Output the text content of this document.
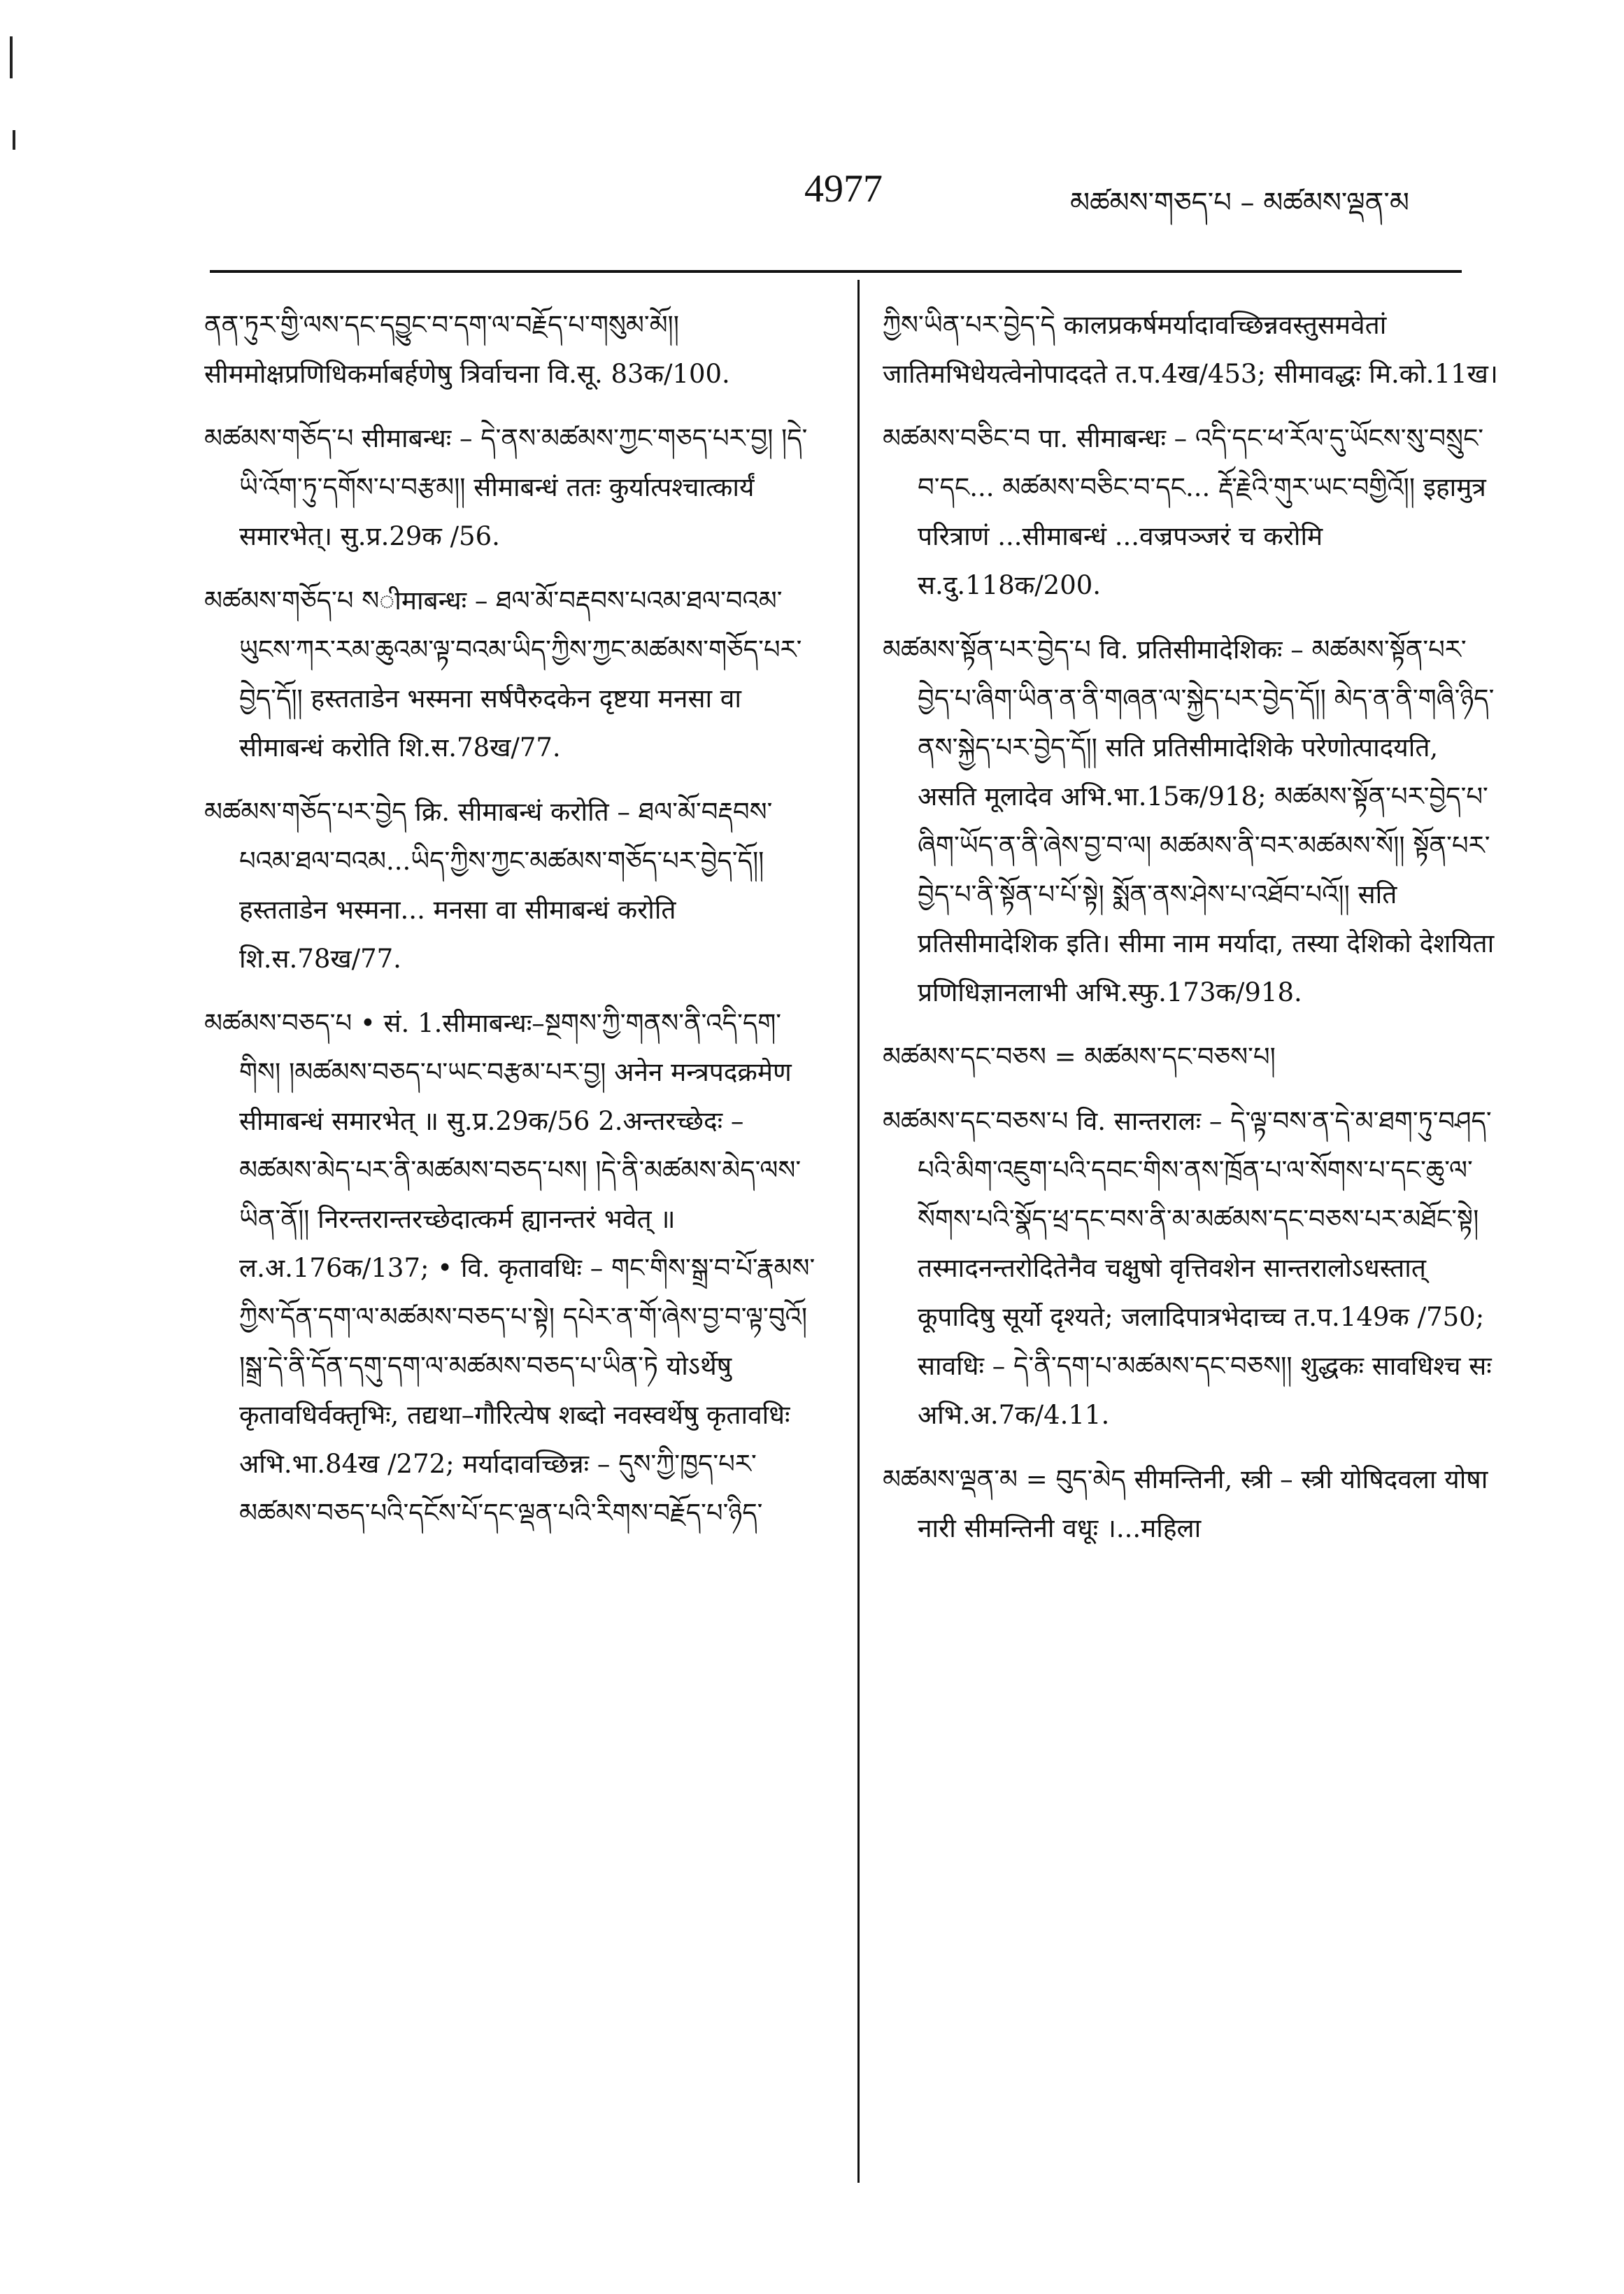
4977	མཚམས་གཅད་པ – མཚམས་ལྡན་མ

ནན་ཏུར་གྱི་ལས་དང་དབྱུང་བ་དག་ལ་བརྗོད་པ་གསུམ་མོ།། सीममोक्षप्रणिधिकर्माबर्हणेषु त्रिर्वाचना वि.सू. 83क/100.

མཚམས་གཅོད་པ सीमाबन्धः – དེ་ནས་མཚམས་ཀྱང་གཅད་པར་བྱ། །དེ་ཡི་འོག་ཏུ་དགོས་པ་བརྩམ།། सीमाबन्धं ततः कुर्यात्पश्चात्कार्यं समारभेत्। सु.प्र.29क /56.

མཚམས་གཅོད་པ སीमाबन्धः – ཐལ་མོ་བརྡབས་པའམ་ཐལ་བའམ་ཡུངས་ཀར་རམ་ཆུའམ་ལྟ་བའམ་ཡིད་ཀྱིས་ཀྱང་མཚམས་གཅོད་པར་བྱེད་དོ།། हस्तताडेन भस्मना सर्षपैरुदकेन दृष्टया मनसा वा सीमाबन्धं करोति शि.स.78ख/77.

མཚམས་གཅོད་པར་བྱེད क्रि. सीमाबन्धं करोति – ཐལ་མོ་བརྡབས་པའམ་ཐལ་བའམ...ཡིད་ཀྱིས་ཀྱང་མཚམས་གཅོད་པར་བྱེད་དོ།། हस्तताडेन भस्मना... मनसा वा सीमाबन्धं करोति शि.स.78ख/77.

མཚམས་བཅད་པ • सं. 1.सीमाबन्धः–སྔགས་ཀྱི་གནས་ནི་འདི་དག་གིས། །མཚམས་བཅད་པ་ཡང་བརྩམ་པར་བྱ། अनेन मन्त्रपदक्रमेण सीमाबन्धं समारभेत् ॥ सु.प्र.29क/56 2.अन्तरच्छेदः – མཚམས་མེད་པར་ནི་མཚམས་བཅད་པས། །དེ་ནི་མཚམས་མེད་ལས་ཡིན་ནོ།། निरन्तरान्तरच्छेदात्कर्म ह्यानन्तरं भवेत् ॥ ल.अ.176क/137; • वि. कृतावधिः – གང་གིས་སྒྲ་བ་པོ་རྣམས་ཀྱིས་དོན་དག་ལ་མཚམས་བཅད་པ་སྟེ། དཔེར་ན་གོ་ཞེས་བྱ་བ་ལྟ་བུའོ། །སྒྲ་དེ་ནི་དོན་དགུ་དག་ལ་མཚམས་བཅད་པ་ཡིན་ཏེ योऽर्थेषु कृतावधिर्वक्तृभिः, तद्यथा–गौरित्येष शब्दो नवस्वर्थेषु कृतावधिः अभि.भा.84ख /272; मर्यादावच्छिन्नः – དུས་ཀྱི་ཁྱད་པར་མཚམས་བཅད་པའི་དངོས་པོ་དང་ལྡན་པའི་རིགས་བརྗོད་པ་ཉིད་

ཀྱིས་ཡིན་པར་བྱེད་དེ कालप्रकर्षमर्यादावच्छिन्नवस्तुसमवेतां जातिमभिधेयत्वेनोपाददते त.प.4ख/453; सीमावद्धः मि.को.11ख।

མཚམས་བཅིང་བ पा. सीमाबन्धः – འདི་དང་ཕ་རོལ་དུ་ཡོངས་སུ་བསྲུང་བ་དང... མཚམས་བཅིང་བ་དང... རྡོ་རྗེའི་གུར་ཡང་བགྱིའོ།། इहामुत्र परित्राणं ...सीमाबन्धं ...वज्रपञ्जरं च करोमि स.दु.118क/200.

མཚམས་སྟོན་པར་བྱེད་པ वि. प्रतिसीमादेशिकः – མཚམས་སྟོན་པར་བྱེད་པ་ཞིག་ཡིན་ན་ནི་གཞན་ལ་སྐྱེད་པར་བྱེད་དོ།། མེད་ན་ནི་གཞི་ཉིད་ནས་སྐྱེད་པར་བྱེད་དོ།། सति प्रतिसीमादेशिके परेणोत्पादयति, असति मूलादेव अभि.भा.15क/918; མཚམས་སྟོན་པར་བྱེད་པ་ཞིག་ཡོད་ན་ནི་ཞེས་བྱ་བ་ལ། མཚམས་ནི་བར་མཚམས་སོ།། སྟོན་པར་བྱེད་པ་ནི་སྟོན་པ་པོ་སྟེ། སྨོན་ནས་ཤེས་པ་འཐོབ་པའོ།། सति प्रतिसीमादेशिक इति। सीमा नाम मर्यादा, तस्या देशिको देशयिता प्रणिधिज्ञानलाभी अभि.स्फु.173क/918.

མཚམས་དང་བཅས = མཚམས་དང་བཅས་པ།

མཚམས་དང་བཅས་པ वि. सान्तरालः – དེ་ལྟ་བས་ན་དེ་མ་ཐག་ཏུ་བཤད་པའི་མིག་འཇུག་པའི་དབང་གིས་ནས་ཁྲོན་པ་ལ་སོགས་པ་དང་ཆུ་ལ་སོགས་པའི་སྣོད་ཕྲ་དང་བས་ནི་མ་མཚམས་དང་བཅས་པར་མཐོང་སྟེ། तस्मादनन्तरोदितेनैव चक्षुषो वृत्तिवशेन सान्तरालोऽधस्तात् कूपादिषु सूर्यो दृश्यते; जलादिपात्रभेदाच्च त.प.149क /750; सावधिः – དེ་ནི་དག་པ་མཚམས་དང་བཅས།། शुद्धकः सावधिश्च सः अभि.अ.7क/4.11.

མཚམས་ལྡན་མ = བུད་མེད सीमन्तिनी, स्त्री – स्त्री योषिदवला योषा नारी सीमन्तिनी वधूः ।...महिला
